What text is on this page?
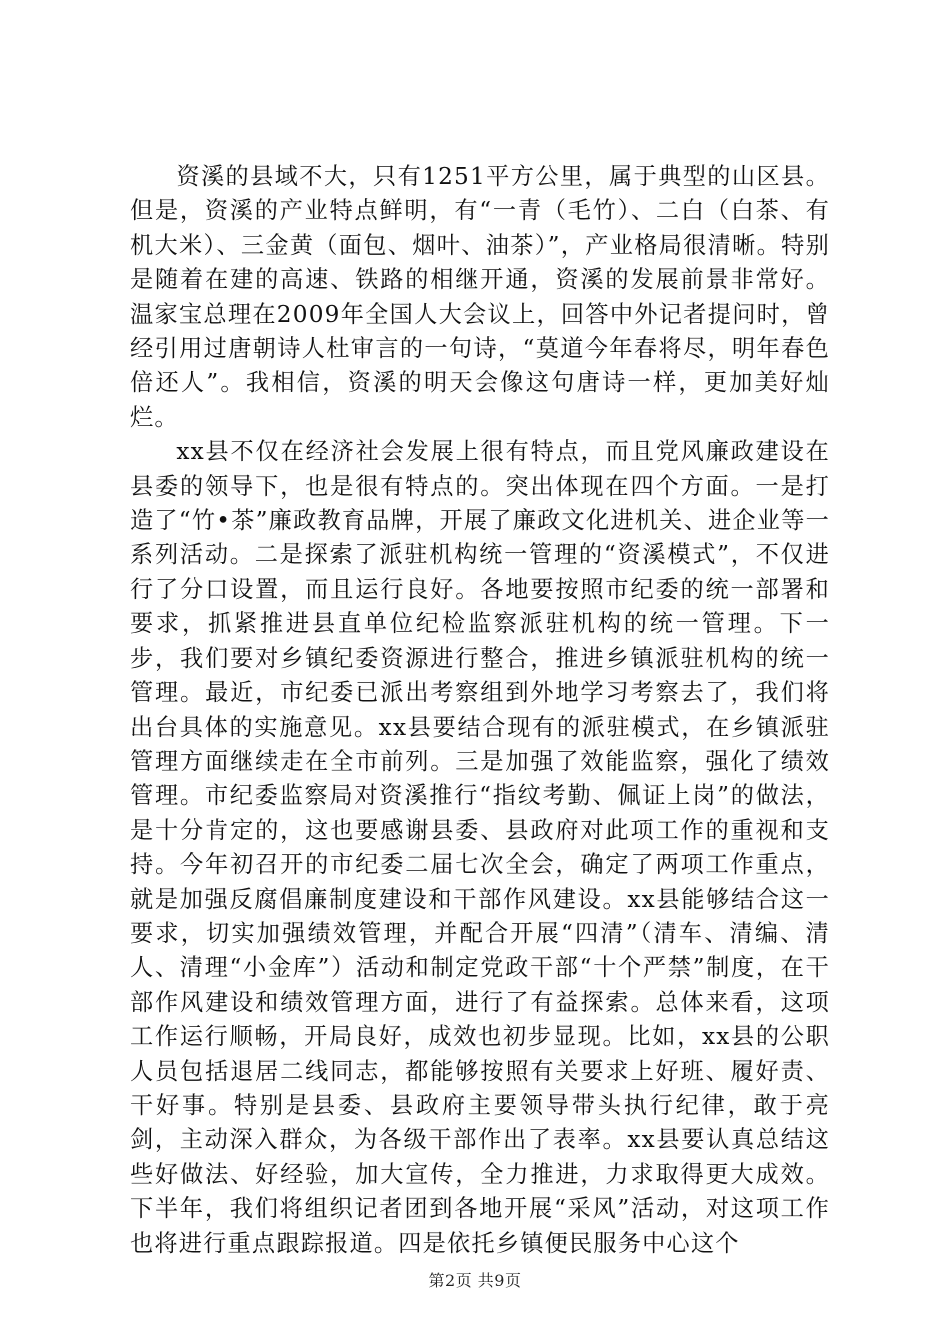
资溪的县域不大，只有1251平方公里，属于典型的山区县。但是，资溪的产业特点鲜明，有“一青（毛竹）、二白（白茶、有机大米）、三金黄（面包、烟叶、油茶）”，产业格局很清晰。特别是随着在建的高速、铁路的相继开通，资溪的发展前景非常好。温家宝总理在2009年全国人大会议上，回答中外记者提问时，曾经引用过唐朝诗人杜审言的一句诗，“莫道今年春将尽，明年春色倍还人”。我相信，资溪的明天会像这句唐诗一样，更加美好灿烂。

xx县不仅在经济社会发展上很有特点，而且党风廉政建设在县委的领导下，也是很有特点的。突出体现在四个方面。一是打造了“竹•茶”廉政教育品牌，开展了廉政文化进机关、进企业等一系列活动。二是探索了派驻机构统一管理的“资溪模式”，不仅进行了分口设置，而且运行良好。各地要按照市纪委的统一部署和要求，抓紧推进县直单位纪检监察派驻机构的统一管理。下一步，我们要对乡镇纪委资源进行整合，推进乡镇派驻机构的统一管理。最近，市纪委已派出考察组到外地学习考察去了，我们将出台具体的实施意见。xx县要结合现有的派驻模式，在乡镇派驻管理方面继续走在全市前列。三是加强了效能监察，强化了绩效管理。市纪委监察局对资溪推行“指纹考勤、佩证上岗”的做法，是十分肯定的，这也要感谢县委、县政府对此项工作的重视和支持。今年初召开的市纪委二届七次全会，确定了两项工作重点，就是加强反腐倡廉制度建设和干部作风建设。xx县能够结合这一要求，切实加强绩效管理，并配合开展“四清”（清车、清编、清人、清理“小金库”）活动和制定党政干部“十个严禁”制度，在干部作风建设和绩效管理方面，进行了有益探索。总体来看，这项工作运行顺畅，开局良好，成效也初步显现。比如，xx县的公职人员包括退居二线同志，都能够按照有关要求上好班、履好责、干好事。特别是县委、县政府主要领导带头执行纪律，敢于亮剑，主动深入群众，为各级干部作出了表率。xx县要认真总结这些好做法、好经验，加大宣传，全力推进，力求取得更大成效。下半年，我们将组织记者团到各地开展“采风”活动，对这项工作也将进行重点跟踪报道。四是依托乡镇便民服务中心这个

第2页 共9页
